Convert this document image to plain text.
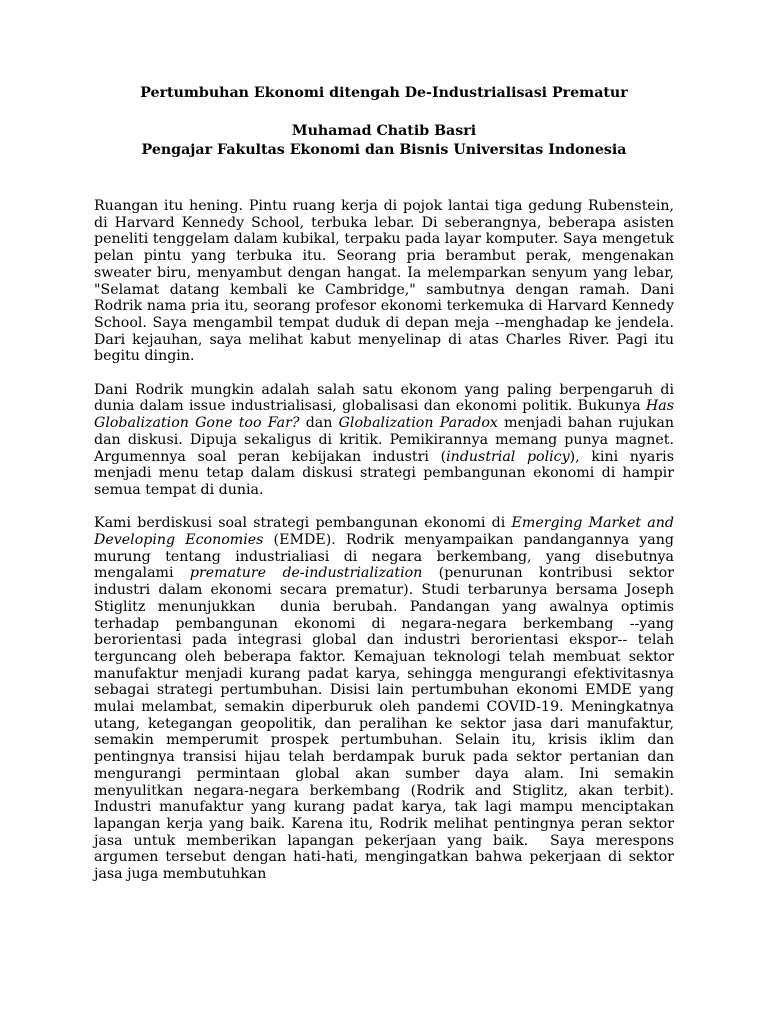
Pertumbuhan Ekonomi ditengah De-Industrialisasi Prematur

Muhamad Chatib Basri

Pengajar Fakultas Ekonomi dan Bisnis Universitas Indonesia

Ruangan itu hening. Pintu ruang kerja di pojok lantai tiga gedung Rubenstein, di Harvard Kennedy School, terbuka lebar. Di seberangnya, beberapa asisten peneliti tenggelam dalam kubikal, terpaku pada layar komputer. Saya mengetuk pelan pintu yang terbuka itu. Seorang pria berambut perak, mengenakan sweater biru, menyambut dengan hangat. Ia melemparkan senyum yang lebar, "Selamat datang kembali ke Cambridge," sambutnya dengan ramah. Dani Rodrik nama pria itu, seorang profesor ekonomi terkemuka di Harvard Kennedy School. Saya mengambil tempat duduk di depan meja --menghadap ke jendela. Dari kejauhan, saya melihat kabut menyelinap di atas Charles River. Pagi itu begitu dingin.

Dani Rodrik mungkin adalah salah satu ekonom yang paling berpengaruh di dunia dalam issue industrialisasi, globalisasi dan ekonomi politik. Bukunya Has Globalization Gone too Far? dan Globalization Paradox menjadi bahan rujukan dan diskusi. Dipuja sekaligus di kritik. Pemikirannya memang punya magnet. Argumennya soal peran kebijakan industri (industrial policy), kini nyaris menjadi menu tetap dalam diskusi strategi pembangunan ekonomi di hampir semua tempat di dunia.

Kami berdiskusi soal strategi pembangunan ekonomi di Emerging Market and Developing Economies (EMDE). Rodrik menyampaikan pandangannya yang murung tentang industrialiasi di negara berkembang, yang disebutnya mengalami premature de-industrialization (penurunan kontribusi sektor industri dalam ekonomi secara prematur). Studi terbarunya bersama Joseph Stiglitz menunjukkan  dunia berubah. Pandangan yang awalnya optimis terhadap pembangunan ekonomi di negara-negara berkembang --yang berorientasi pada integrasi global dan industri berorientasi ekspor-- telah terguncang oleh beberapa faktor. Kemajuan teknologi telah membuat sektor manufaktur menjadi kurang padat karya, sehingga mengurangi efektivitasnya sebagai strategi pertumbuhan. Disisi lain pertumbuhan ekonomi EMDE yang mulai melambat, semakin diperburuk oleh pandemi COVID-19. Meningkatnya utang, ketegangan geopolitik, dan peralihan ke sektor jasa dari manufaktur, semakin memperumit prospek pertumbuhan. Selain itu, krisis iklim dan pentingnya transisi hijau telah berdampak buruk pada sektor pertanian dan mengurangi permintaan global akan sumber daya alam. Ini semakin menyulitkan negara-negara berkembang (Rodrik and Stiglitz, akan terbit). Industri manufaktur yang kurang padat karya, tak lagi mampu menciptakan lapangan kerja yang baik. Karena itu, Rodrik melihat pentingnya peran sektor jasa untuk memberikan lapangan pekerjaan yang baik.  Saya merespons argumen tersebut dengan hati-hati, mengingatkan bahwa pekerjaan di sektor jasa juga membutuhkan
